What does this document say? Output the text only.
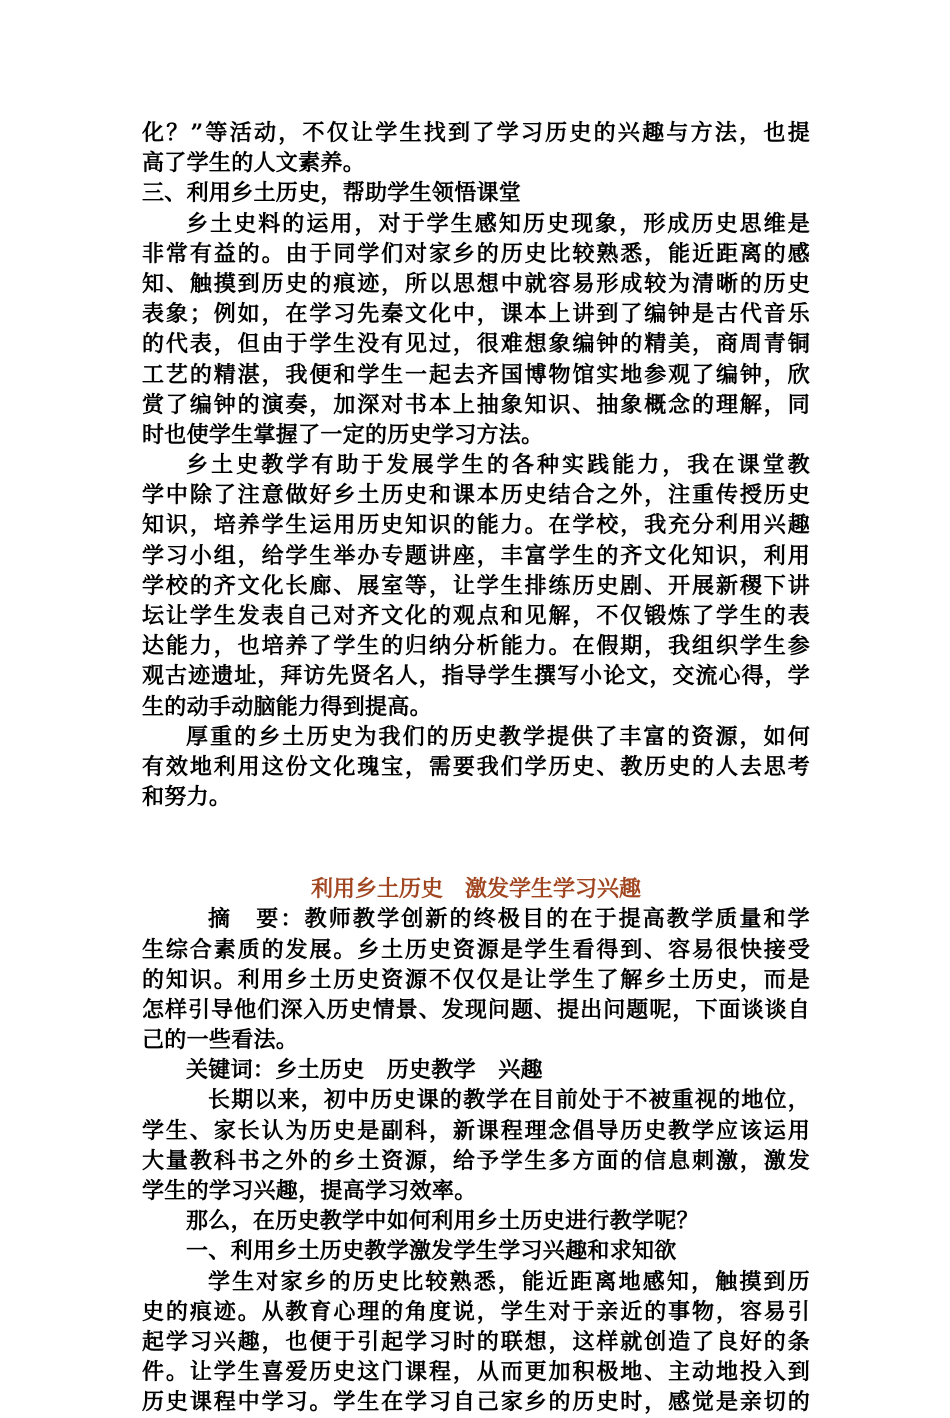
化？”等活动，不仅让学生找到了学习历史的兴趣与方法，也提
高了学生的人文素养。
三、利用乡土历史，帮助学生领悟课堂
乡土史料的运用，对于学生感知历史现象，形成历史思维是
非常有益的。由于同学们对家乡的历史比较熟悉，能近距离的感
知、触摸到历史的痕迹，所以思想中就容易形成较为清晰的历史
表象；例如，在学习先秦文化中，课本上讲到了编钟是古代音乐
的代表，但由于学生没有见过，很难想象编钟的精美，商周青铜
工艺的精湛，我便和学生一起去齐国博物馆实地参观了编钟，欣
赏了编钟的演奏，加深对书本上抽象知识、抽象概念的理解，同
时也使学生掌握了一定的历史学习方法。
乡土史教学有助于发展学生的各种实践能力，我在课堂教
学中除了注意做好乡土历史和课本历史结合之外，注重传授历史
知识，培养学生运用历史知识的能力。在学校，我充分利用兴趣
学习小组，给学生举办专题讲座，丰富学生的齐文化知识，利用
学校的齐文化长廊、展室等，让学生排练历史剧、开展新稷下讲
坛让学生发表自己对齐文化的观点和见解，不仅锻炼了学生的表
达能力，也培养了学生的归纳分析能力。在假期，我组织学生参
观古迹遗址，拜访先贤名人，指导学生撰写小论文，交流心得，学
生的动手动脑能力得到提高。
厚重的乡土历史为我们的历史教学提供了丰富的资源，如何
有效地利用这份文化瑰宝，需要我们学历史、教历史的人去思考
和努力。
利用乡土历史　激发学生学习兴趣
摘　要：教师教学创新的终极目的在于提高教学质量和学
生综合素质的发展。乡土历史资源是学生看得到、容易很快接受
的知识。利用乡土历史资源不仅仅是让学生了解乡土历史，而是
怎样引导他们深入历史情景、发现问题、提出问题呢，下面谈谈自
己的一些看法。
关键词：乡土历史　历史教学　兴趣
长期以来，初中历史课的教学在目前处于不被重视的地位，
学生、家长认为历史是副科，新课程理念倡导历史教学应该运用
大量教科书之外的乡土资源，给予学生多方面的信息刺激，激发
学生的学习兴趣，提高学习效率。
那么，在历史教学中如何利用乡土历史进行教学呢？
一、利用乡土历史教学激发学生学习兴趣和求知欲
学生对家乡的历史比较熟悉，能近距离地感知，触摸到历
史的痕迹。从教育心理的角度说，学生对于亲近的事物，容易引
起学习兴趣，也便于引起学习时的联想，这样就创造了良好的条
件。让学生喜爱历史这门课程，从而更加积极地、主动地投入到
历史课程中学习。学生在学习自己家乡的历史时，感觉是亲切的
